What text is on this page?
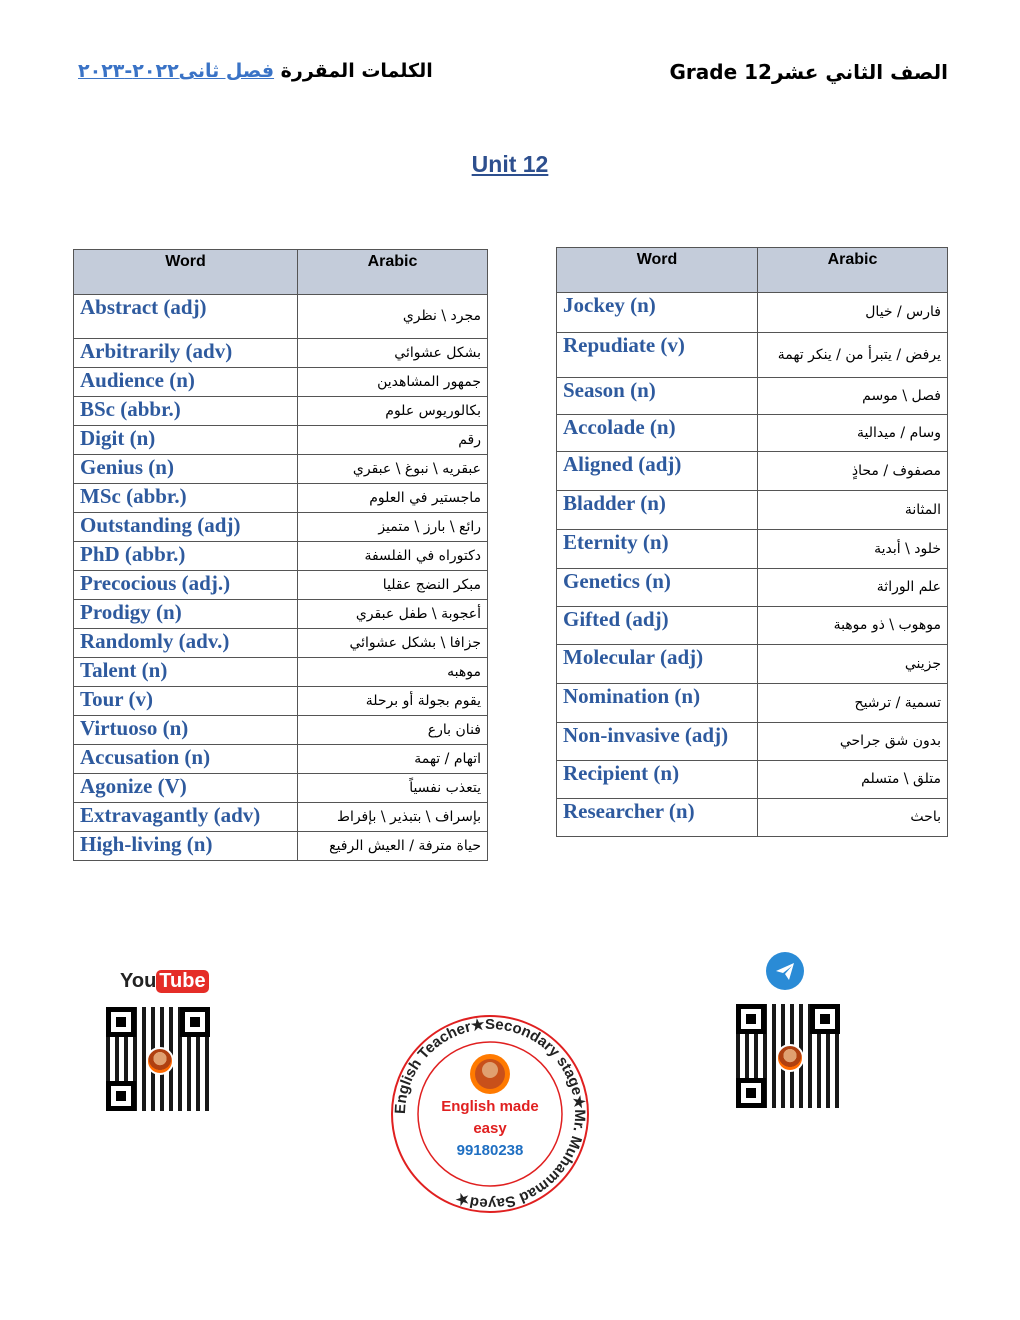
الصف الثاني عشرGrade 12
الكلمات المقررة فصل ثانى٢٠٢٢-٢٠٢٣
Unit 12
Word	Arabic
Abstract (adj)	مجرد \ نظري
Arbitrarily (adv)	بشكل عشوائي
Audience (n)	جمهور المشاهدين
BSc (abbr.)	بكالوريوس علوم
Digit (n)	رقم
Genius (n)	عبقريه \ نبوغ \ عبقري
MSc (abbr.)	ماجستير في العلوم
Outstanding (adj)	رائع \ بارز \ متميز
PhD (abbr.)	دكتوراه في الفلسفة
Precocious (adj.)	مبكر النضج عقليا
Prodigy (n)	أعجوبة \ طفل عبقري
Randomly (adv.)	جزافا \ بشكل عشوائي
Talent (n)	موهبه
Tour (v)	يقوم بجولة أو برحلة
Virtuoso (n)	فنان بارع
Accusation (n)	اتهام / تهمة
Agonize (V)	يتعذب نفسياً
Extravagantly (adv)	بإسراف \ بتبذير \ بإفراط
High-living (n)	حياة مترفة / العيش الرفيع
Word	Arabic
Jockey (n)	فارس / خيال
Repudiate (v)	يرفض / يتبرأ من / ينكر تهمة
Season (n)	فصل \ موسم
Accolade (n)	وسام / ميدالية
Aligned (adj)	مصفوف / محاذٍ
Bladder (n)	المثانة
Eternity (n)	خلود \ أبدية
Genetics (n)	علم الوراثة
Gifted (adj)	موهوب \ ذو موهبة
Molecular (adj)	جزيني
Nomination (n)	تسمية / ترشيح
Non-invasive (adj)	بدون شق جراحي
Recipient (n)	متلق \ متسلم
Researcher (n)	باحث
You Tube
English Teacher★Secondary stage★Mr. Muhammad Sayed★
English made
easy
99180238
